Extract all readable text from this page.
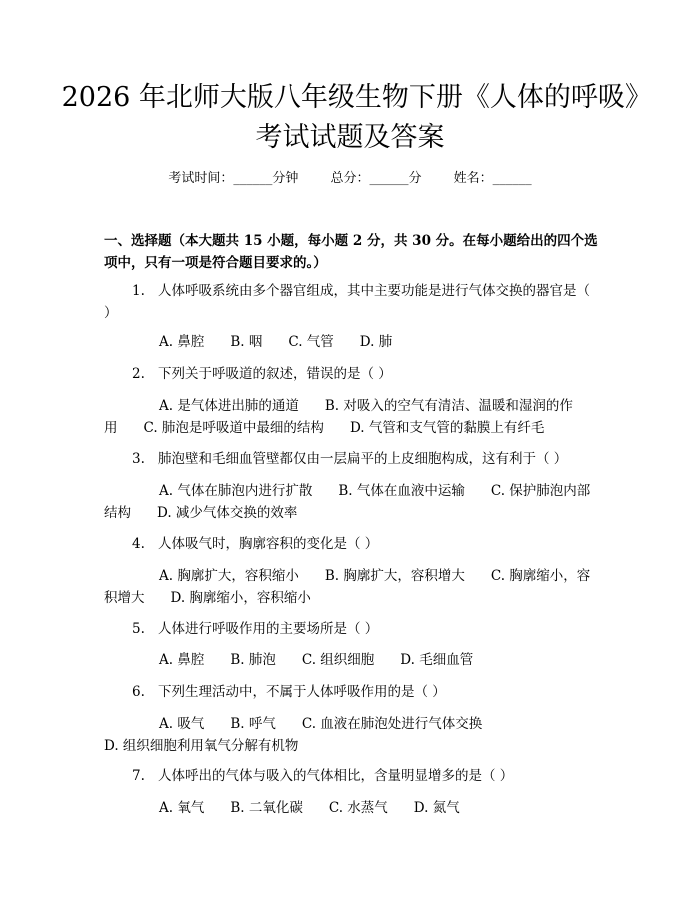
2026 年北师大版八年级生物下册《人体的呼吸》考试试题及答案
考试时间：______分钟 总分：______分 姓名：______
一、选择题（本大题共 15 小题，每小题 2 分，共 30 分。在每小题给出的四个选项中，只有一项是符合题目要求的。）
1. 人体呼吸系统由多个器官组成，其中主要功能是进行气体交换的器官是（ ）
A. 鼻腔 B. 咽 C. 气管 D. 肺
2. 下列关于呼吸道的叙述，错误的是（ ）
A. 是气体进出肺的通道 B. 对吸入的空气有清洁、温暖和湿润的作用 C. 肺泡是呼吸道中最细的结构 D. 气管和支气管的黏膜上有纤毛
3. 肺泡壁和毛细血管壁都仅由一层扁平的上皮细胞构成，这有利于（ ）
A. 气体在肺泡内进行扩散 B. 气体在血液中运输 C. 保护肺泡内部结构 D. 减少气体交换的效率
4. 人体吸气时，胸廓容积的变化是（ ）
A. 胸廓扩大，容积缩小 B. 胸廓扩大，容积增大 C. 胸廓缩小，容积增大 D. 胸廓缩小，容积缩小
5. 人体进行呼吸作用的主要场所是（ ）
A. 鼻腔 B. 肺泡 C. 组织细胞 D. 毛细血管
6. 下列生理活动中，不属于人体呼吸作用的是（ ）
A. 吸气 B. 呼气 C. 血液在肺泡处进行气体交换D. 组织细胞利用氧气分解有机物
7. 人体呼出的气体与吸入的气体相比，含量明显增多的是（ ）
A. 氧气 B. 二氧化碳 C. 水蒸气 D. 氮气
